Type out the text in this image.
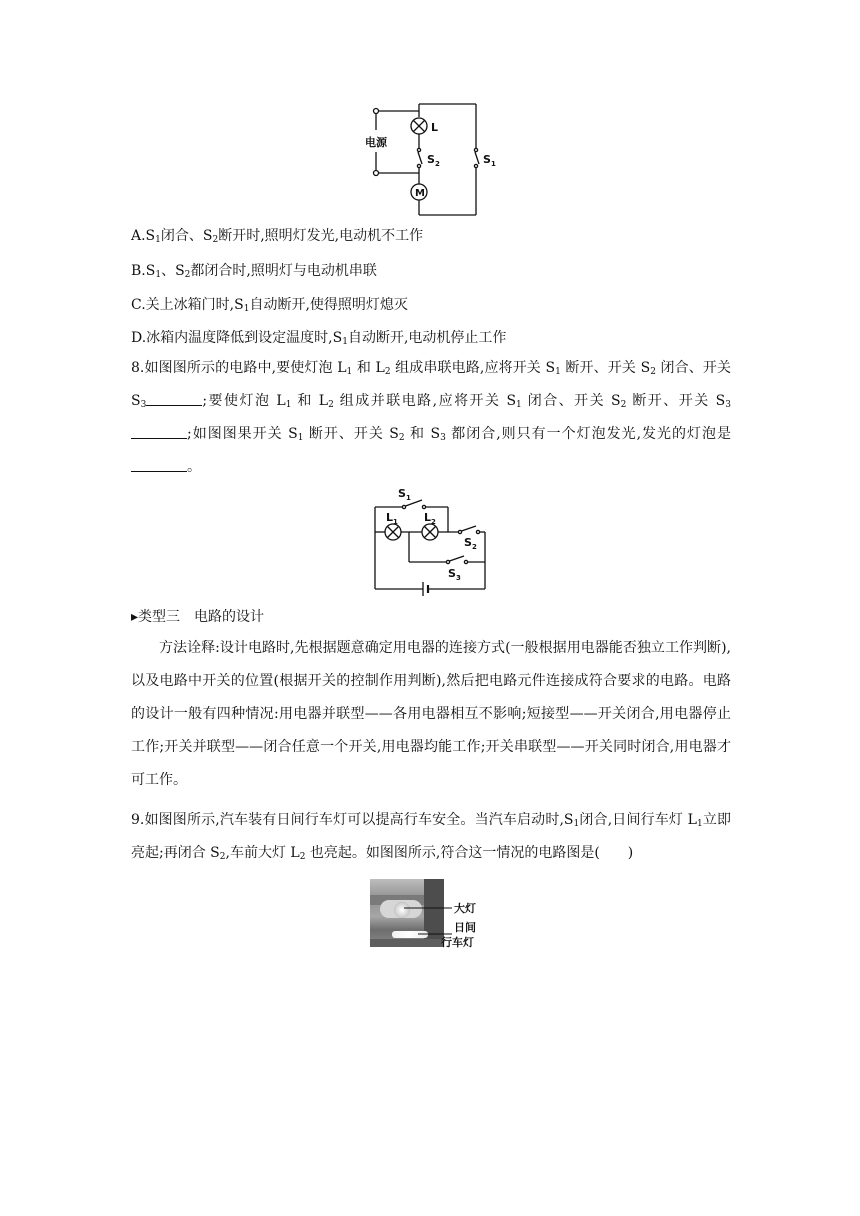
电源
L
M
$S_2$	$S_1$
$A.S_1$闭合、$S_2$断开时,照明灯发光,电动机不工作
$B.S_1$、$S_2$都闭合时,照明灯与电动机串联
C.关上冰箱门时$,S_1$自动断开,使得照明灯熄灭
D.冰箱内温度降低到设定温度时$,S_1$自动断开,电动机停止工作
8.如图图所示的电路中,要使灯泡 $L_1$ 和 $L_2$ 组成串联电路,应将开关 $S_1$ 断开、开关 $S_2$ 闭合、开关 $S_3$	;要使灯泡 $L_1$ 和 $L_2$ 组成并联电路,应将开关 $S_1$ 闭合、开关 $S_2$ 断开、开关 $S_3$;如图图果开关 $S_1$ 断开、开关 $S_2$ 和 $S_3$ 都闭合,则只有一个灯泡发光,发光的灯泡是。
$S_1$
$L_1$ $L_2$
$S_2$
$S_3$
▸类型三　电路的设计
方法诠释:设计电路时,先根据题意确定用电器的连接方式(一般根据用电器能否独立工作判断),以及电路中开关的位置(根据开关的控制作用判断),然后把电路元件连接成符合要求的电路。电路的设计一般有四种情况:用电器并联型——各用电器相互不影响;短接型——开关闭合,用电器停止工作;开关并联型——闭合任意一个开关,用电器均能工作;开关串联型——开关同时闭合,用电器才可工作。
9.如图图所示,汽车装有日间行车灯可以提高行车安全。当汽车启动时$,S_1$闭合,日间行车灯 $L_1$立即亮起;再闭合 $S_2$,车前大灯 $L_2$ 也亮起。如图图所示,符合这一情况的电路图是(　　)
大灯
日间
行车灯
